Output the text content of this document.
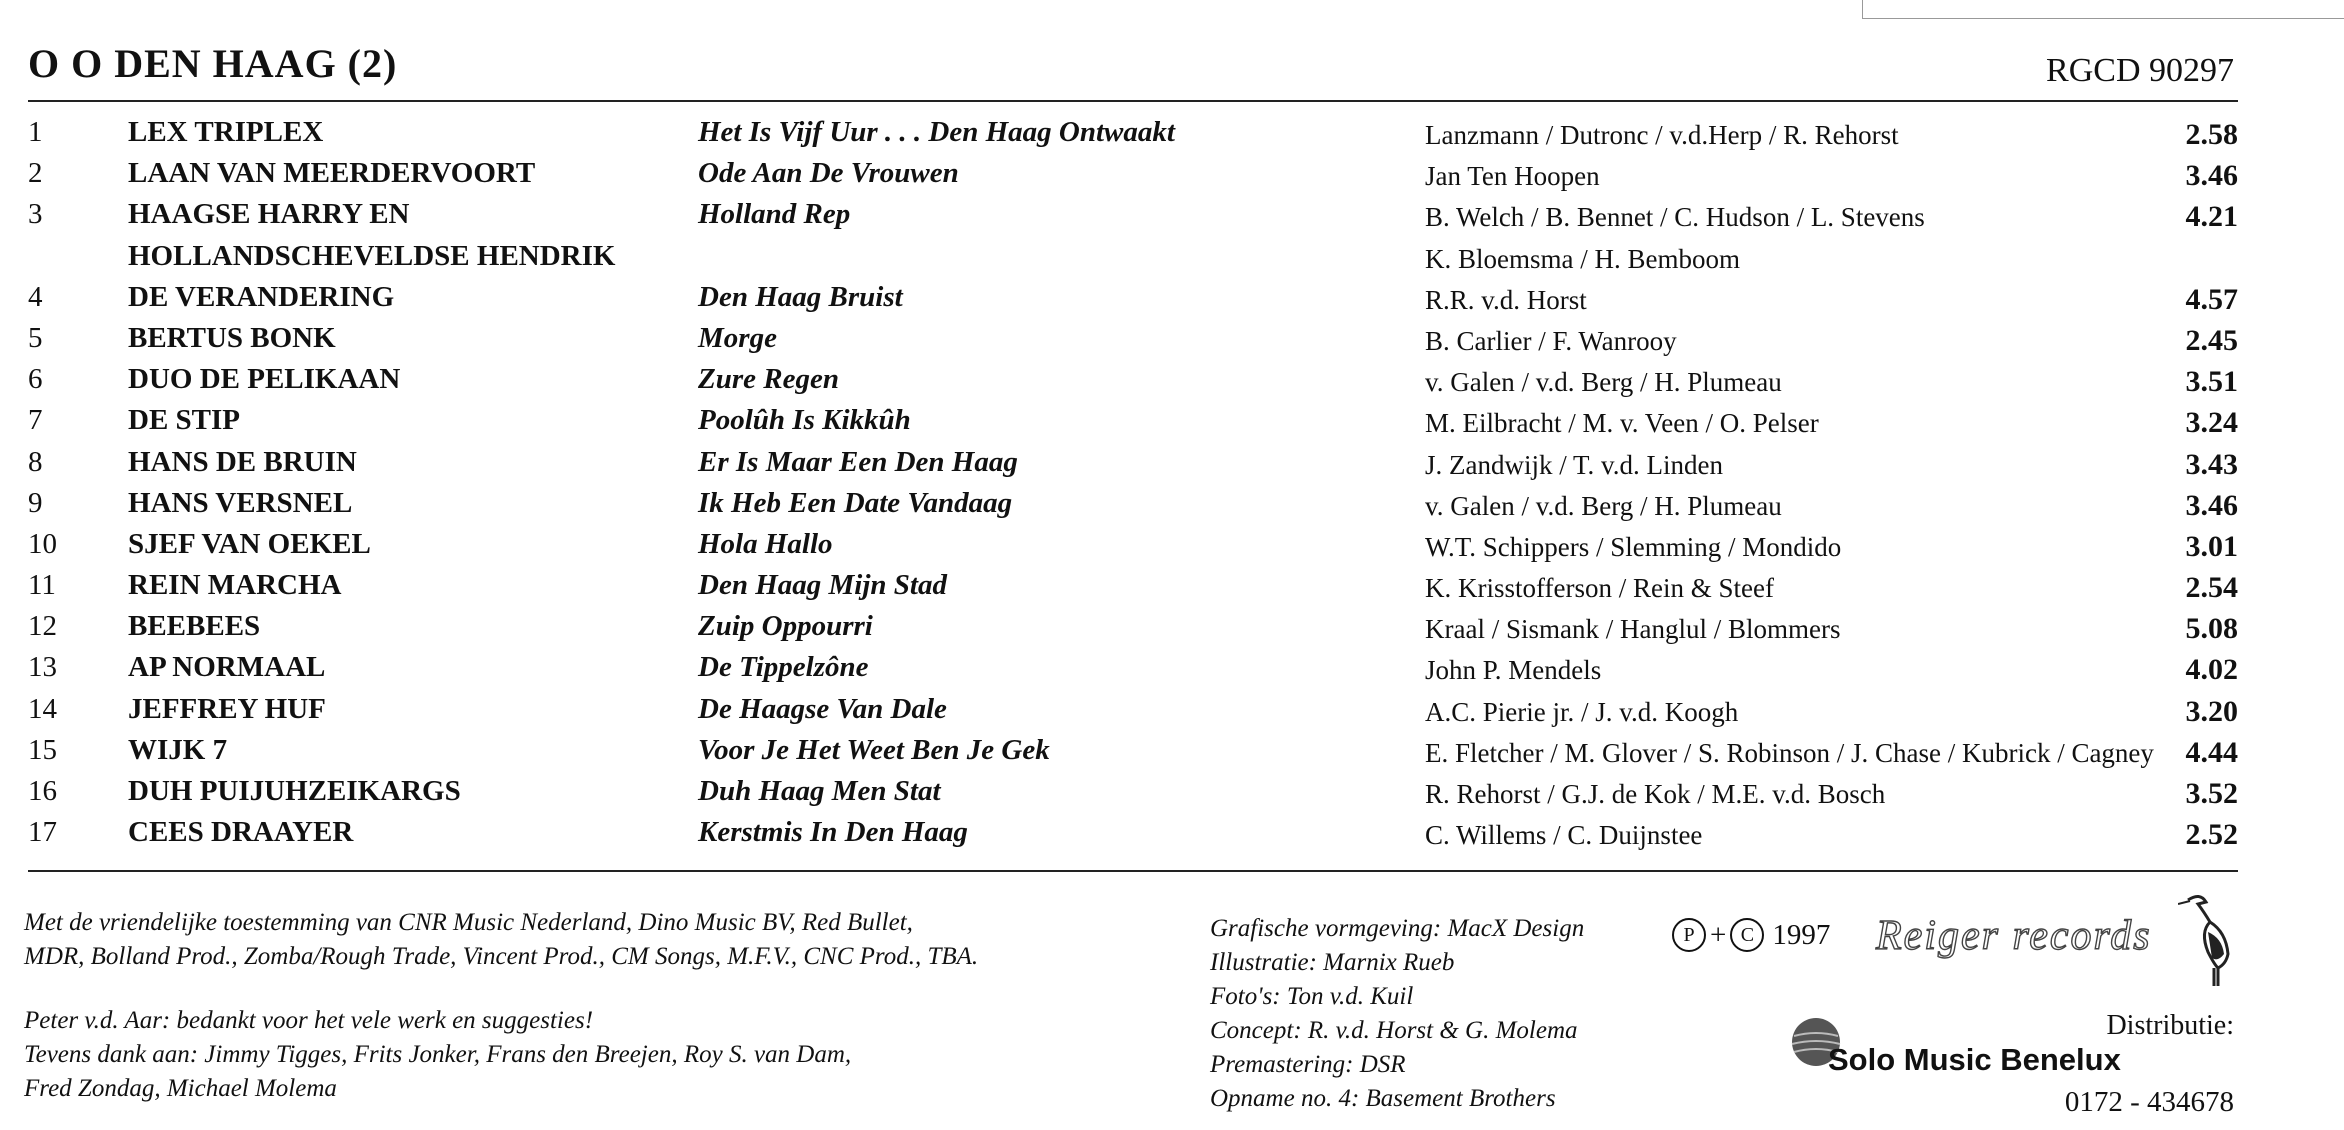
O O DEN HAAG (2)	RGCD 90297
1	LEX TRIPLEX	Het Is Vijf Uur . . . Den Haag Ontwaakt	Lanzmann / Dutronc / v.d.Herp / R. Rehorst	2.58
2	LAAN VAN MEERDERVOORT	Ode Aan De Vrouwen	Jan Ten Hoopen	3.46
3	HAAGSE HARRY EN	Holland Rep	B. Welch / B. Bennet / C. Hudson / L. Stevens	4.21
HOLLANDSCHEVELDSE HENDRIK	K. Bloemsma / H. Bemboom
4	DE VERANDERING	Den Haag Bruist	R.R. v.d. Horst	4.57
5	BERTUS BONK	Morge	B. Carlier / F. Wanrooy	2.45
6	DUO DE PELIKAAN	Zure Regen	v. Galen / v.d. Berg / H. Plumeau	3.51
7	DE STIP	Poolûh Is Kikkûh	M. Eilbracht / M. v. Veen / O. Pelser	3.24
8	HANS DE BRUIN	Er Is Maar Een Den Haag	J. Zandwijk / T. v.d. Linden	3.43
9	HANS VERSNEL	Ik Heb Een Date Vandaag	v. Galen / v.d. Berg / H. Plumeau	3.46
10 SJEF VAN OEKEL	Hola Hallo	W.T. Schippers / Slemming / Mondido	3.01
11 REIN MARCHA	Den Haag Mijn Stad	K. Krisstofferson / Rein & Steef	2.54
12 BEEBEES	Zuip Oppourri	Kraal / Sismank / Hanglul / Blommers	5.08
13 AP NORMAAL	De Tippelzône	John P. Mendels	4.02
14 JEFFREY HUF	De Haagse Van Dale	A.C. Pierie jr. / J. v.d. Koogh	3.20
15 WIJK 7	Voor Je Het Weet Ben Je Gek	E. Fletcher / M. Glover / S. Robinson / J. Chase / Kubrick / Cagney 4.44
16 DUH PUIJUHZEIKARGS	Duh Haag Men Stat	R. Rehorst / G.J. de Kok / M.E. v.d. Bosch	3.52
17 CEES DRAAYER	Kerstmis In Den Haag	C. Willems / C. Duijnstee	2.52

Met de vriendelijke toestemming van CNR Music Nederland, Dino Music BV, Red Bullet,

MDR, Bolland Prod., Zomba/Rough Trade, Vincent Prod., CM Songs, M.F.V., CNC Prod., TBA.

Peter v.d. Aar: bedankt voor het vele werk en suggesties!

Tevens dank aan: Jimmy Tigges, Frits Jonker, Frans den Breejen, Roy S. van Dam,

Fred Zondag, Michael Molema

Grafische vormgeving: MacX Design

Illustratie: Marnix Rueb

Foto's: Ton v.d. Kuil

Concept: R. v.d. Horst & G. Molema

Premastering: DSR

Opname no. 4: Basement Brothers

P + C 1997 Reiger records
Distributie:
Solo Music Benelux
0172 - 434678
